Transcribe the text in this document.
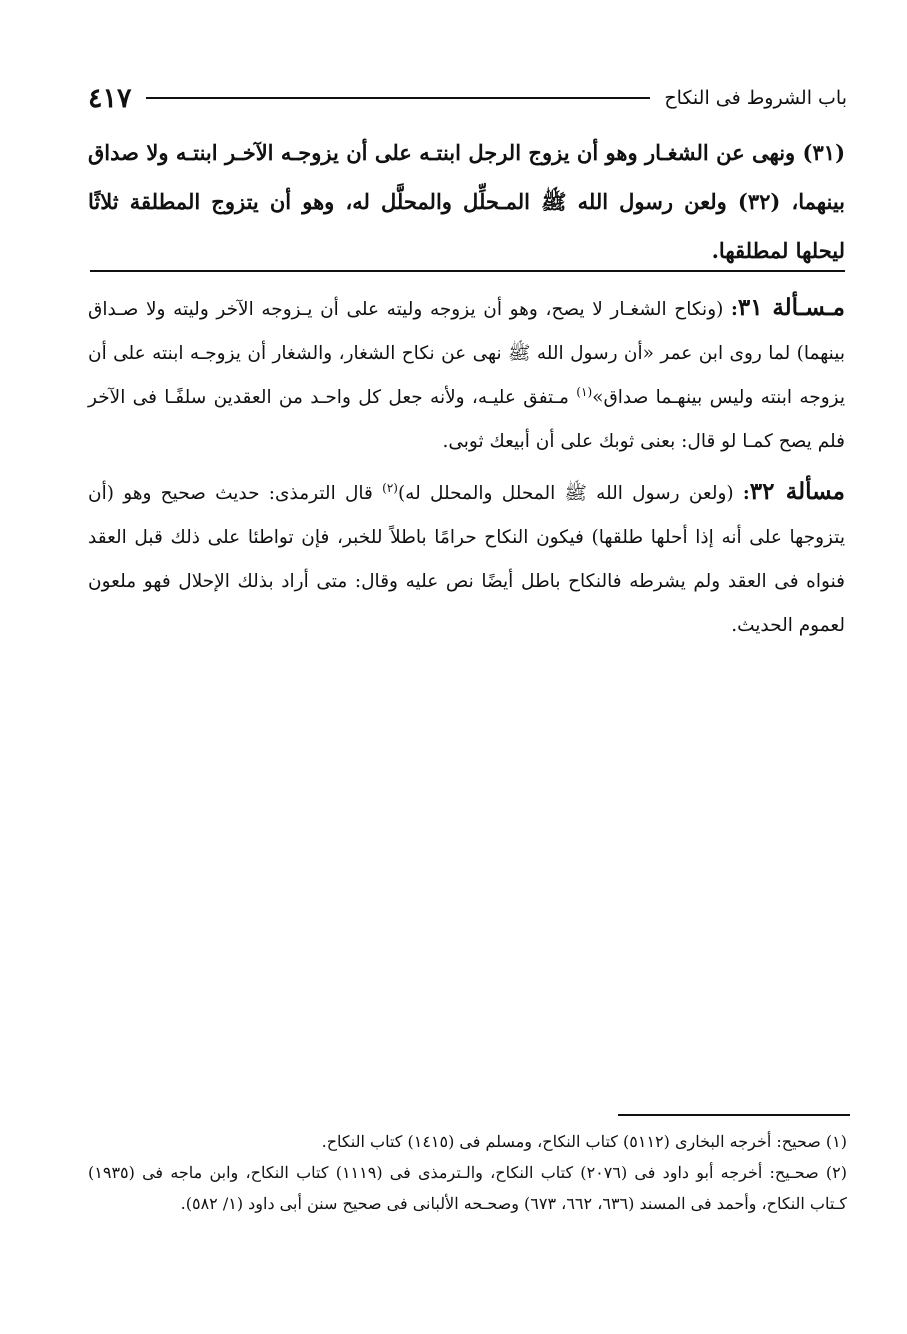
٤١٧	باب الشروط فى النكاح

(٣١) ونهى عن الشغـار وهو أن يزوج الرجل ابنتـه على أن يزوجـه الآخـر ابنتـه ولا صداق بينهما، (٣٢) ولعن رسول الله ﷺ المـحلِّل والمحلَّل له، وهو أن يتزوج المطلقة ثلاثًا ليحلها لمطلقها.

مـسـألة ٣١: (ونكاح الشغـار لا يصح، وهو أن يزوجه وليته على أن يـزوجه الآخر وليته ولا صـداق بينهما) لما روى ابن عمر «أن رسول الله ﷺ نهى عن نكاح الشغار، والشغار أن يزوجـه ابنته على أن يزوجه ابنته وليس بينهـما صداق»$^{(١)}$ مـتفق عليـه، ولأنه جعل كل واحـد من العقدين سلفًـا فى الآخر فلم يصح كمـا لو قال: بعنى ثوبك على أن أبيعك ثوبى.

مسألة ٣٢: (ولعن رسول الله ﷺ المحلل والمحلل له)$^{(٢)}$ قال الترمذى: حديث صحيح وهو (أن يتزوجها على أنه إذا أحلها طلقها) فيكون النكاح حرامًا باطلاً للخبر، فإن تواطئا على ذلك قبل العقد فنواه فى العقد ولم يشرطه فالنكاح باطل أيضًا نص عليه وقال: متى أراد بذلك الإحلال فهو ملعون لعموم الحديث.

(١) صحيح: أخرجه البخارى (٥١١٢) كتاب النكاح، ومسلم فى (١٤١٥) كتاب النكاح.

(٢) صحـيح: أخرجه أبو داود فى (٢٠٧٦) كتاب النكاح، والـترمذى فى (١١١٩) كتاب النكاح، وابن ماجه فى (١٩٣٥) كـتاب النكاح، وأحمد فى المسند (٦٣٦، ٦٦٢، ٦٧٣) وصحـحه الألبانى فى صحيح سنن أبى داود (١/ ٥٨٢).
